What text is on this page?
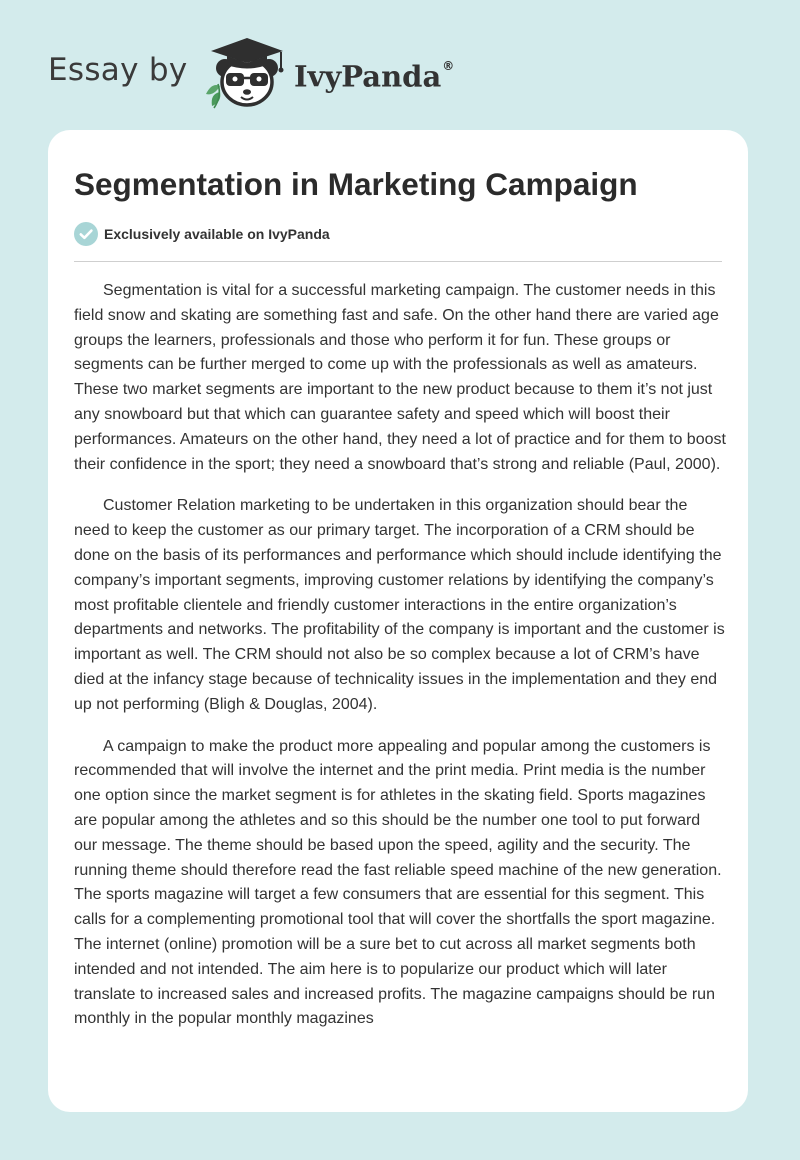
Essay by	IvyPanda®
Segmentation in Marketing Campaign
Exclusively available on IvyPanda

Segmentation is vital for a successful marketing campaign. The customer needs in this field snow and skating are something fast and safe. On the other hand there are varied age groups the learners, professionals and those who perform it for fun. These groups or segments can be further merged to come up with the professionals as well as amateurs. These two market segments are important to the new product because to them it’s not just any snowboard but that which can guarantee safety and speed which will boost their performances. Amateurs on the other hand, they need a lot of practice and for them to boost their confidence in the sport; they need a snowboard that’s strong and reliable (Paul, 2000).

Customer Relation marketing to be undertaken in this organization should bear the need to keep the customer as our primary target. The incorporation of a CRM should be done on the basis of its performances and performance which should include identifying the company’s important segments, improving customer relations by identifying the company’s most profitable clientele and friendly customer interactions in the entire organization’s departments and networks. The profitability of the company is important and the customer is important as well. The CRM should not also be so complex because a lot of CRM’s have died at the infancy stage because of technicality issues in the implementation and they end up not performing (Bligh & Douglas, 2004).

A campaign to make the product more appealing and popular among the customers is recommended that will involve the internet and the print media. Print media is the number one option since the market segment is for athletes in the skating field. Sports magazines are popular among the athletes and so this should be the number one tool to put forward our message. The theme should be based upon the speed, agility and the security. The running theme should therefore read the fast reliable speed machine of the new generation. The sports magazine will target a few consumers that are essential for this segment. This calls for a complementing promotional tool that will cover the shortfalls the sport magazine. The internet (online) promotion will be a sure bet to cut across all market segments both intended and not intended. The aim here is to popularize our product which will later translate to increased sales and increased profits. The magazine campaigns should be run monthly in the popular monthly magazines
